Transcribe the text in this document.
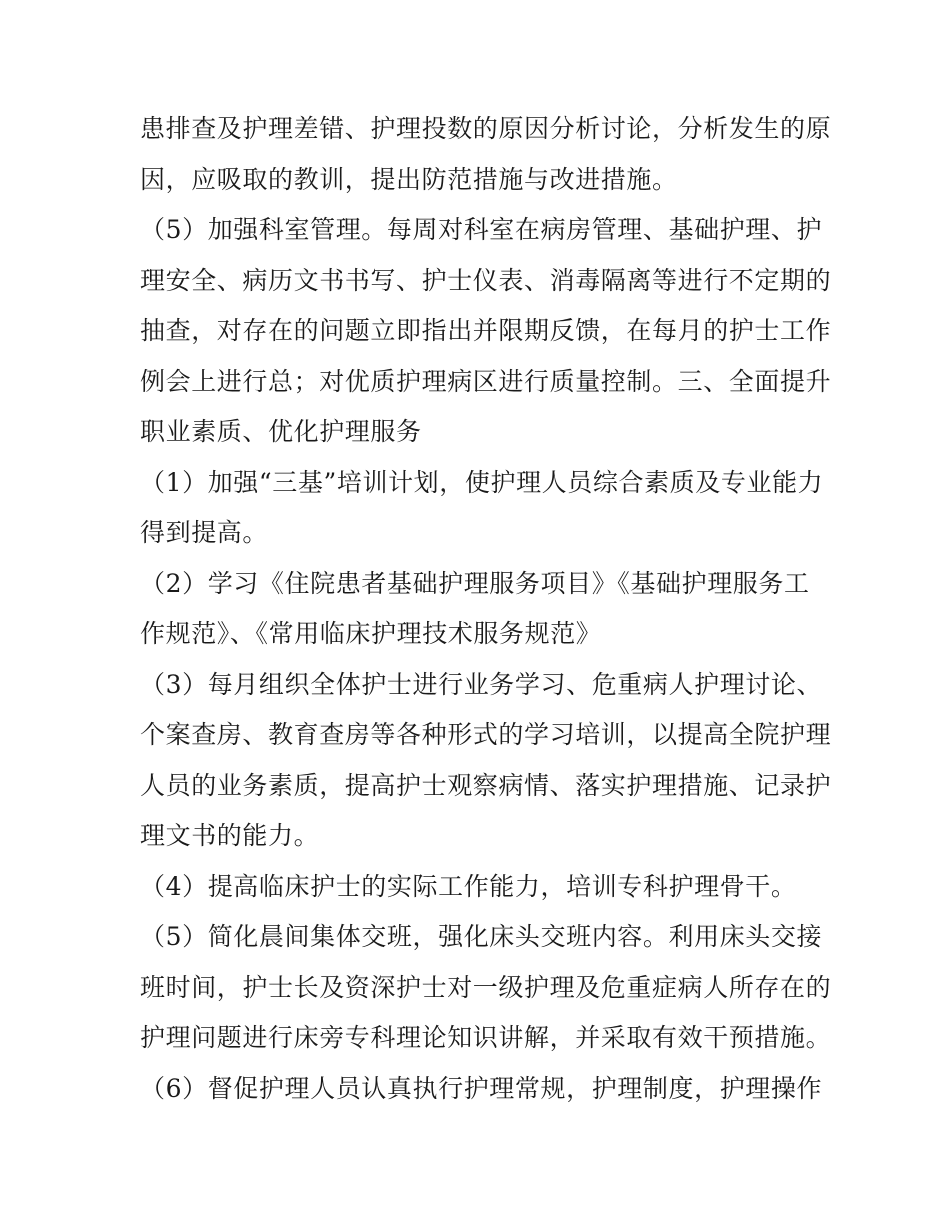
患排查及护理差错、护理投数的原因分析讨论，分析发生的原
因，应吸取的教训，提出防范措施与改进措施。
（5）加强科室管理。每周对科室在病房管理、基础护理、护
理安全、病历文书书写、护士仪表、消毒隔离等进行不定期的
抽查，对存在的问题立即指出并限期反馈，在每月的护士工作
例会上进行总；对优质护理病区进行质量控制。三、全面提升
职业素质、优化护理服务
（1）加强“三基”培训计划，使护理人员综合素质及专业能力
得到提高。
（2）学习《住院患者基础护理服务项目》《基础护理服务工
作规范》、《常用临床护理技术服务规范》
（3）每月组织全体护士进行业务学习、危重病人护理讨论、
个案查房、教育查房等各种形式的学习培训，以提高全院护理
人员的业务素质，提高护士观察病情、落实护理措施、记录护
理文书的能力。
（4）提高临床护士的实际工作能力，培训专科护理骨干。
（5）简化晨间集体交班，强化床头交班内容。利用床头交接
班时间，护士长及资深护士对一级护理及危重症病人所存在的
护理问题进行床旁专科理论知识讲解，并采取有效干预措施。
（6）督促护理人员认真执行护理常规，护理制度，护理操作
